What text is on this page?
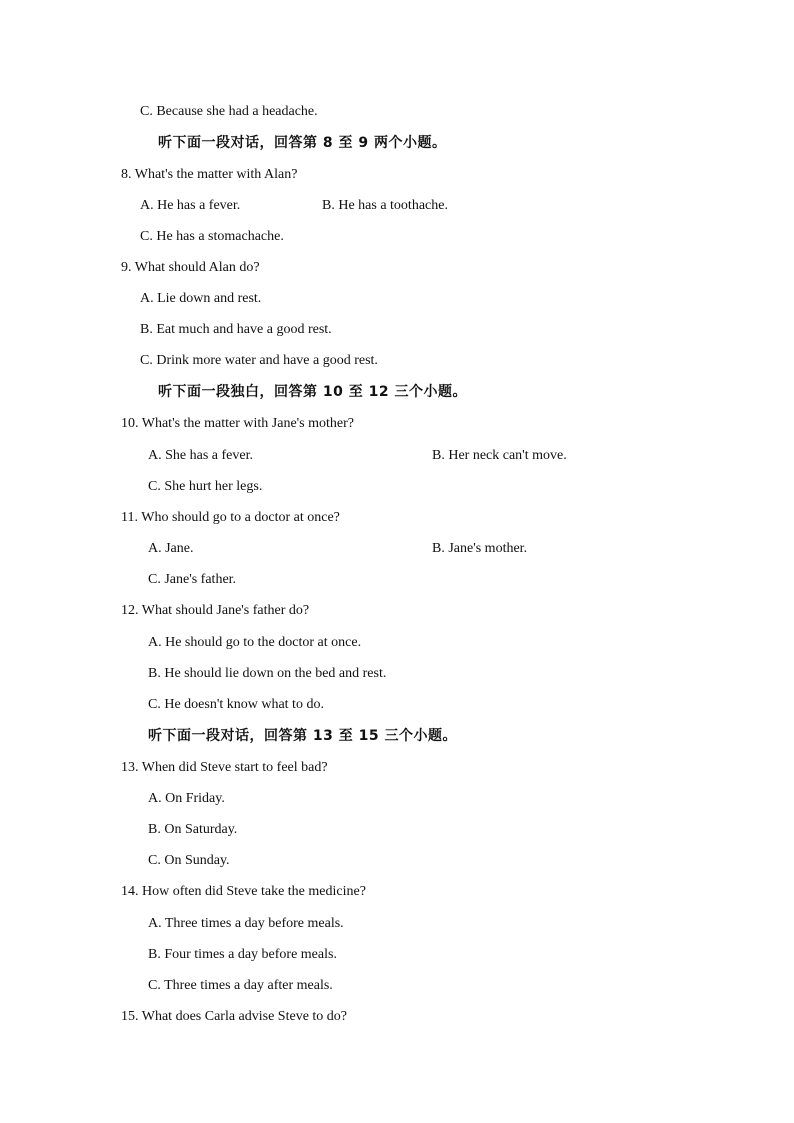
C. Because she had a headache.
听下面一段对话，回答第 8 至 9 两个小题。
8. What's the matter with Alan?
A. He has a fever.	B. He has a toothache.
C. He has a stomachache.
9. What should Alan do?
A. Lie down and rest.
B. Eat much and have a good rest.
C. Drink more water and have a good rest.
听下面一段独白，回答第 10 至 12 三个小题。
10. What's the matter with Jane's mother?
A. She has a fever.	B. Her neck can't move.
C. She hurt her legs.
11. Who should go to a doctor at once?
A. Jane.	B. Jane's mother.
C. Jane's father.
12. What should Jane's father do?
A. He should go to the doctor at once.
B. He should lie down on the bed and rest.
C. He doesn't know what to do.
听下面一段对话，回答第 13 至 15 三个小题。
13. When did Steve start to feel bad?
A. On Friday.
B. On Saturday.
C. On Sunday.
14. How often did Steve take the medicine?
A. Three times a day before meals.
B. Four times a day before meals.
C. Three times a day after meals.
15. What does Carla advise Steve to do?
